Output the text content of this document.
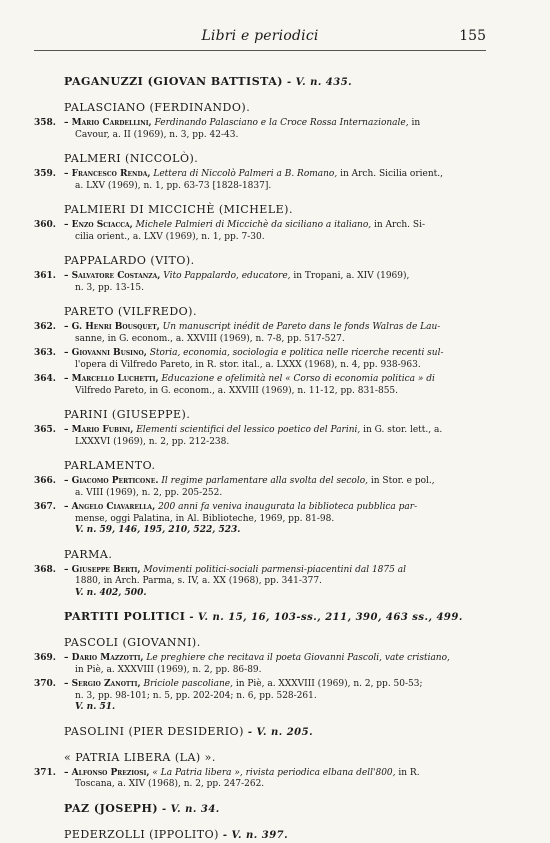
Libri e periodici	155
PAGANUZZI (GIOVAN BATTISTA) - V. n. 435.
PALASCIANO (FERDINANDO).
358. – Mario Cardellini, Ferdinando Palasciano e la Croce Rossa Internazionale, in
Cavour, a. II (1969), n. 3, pp. 42-43.
PALMERI (NICCOLÒ).
359. – Francesco Renda, Lettera di Niccolò Palmeri a B. Romano, in Arch. Sicilia orient.,
a. LXV (1969), n. 1, pp. 63-73 [1828-1837].
PALMIERI DI MICCICHÈ (MICHELE).
360. – Enzo Sciacca, Michele Palmieri di Miccichè da siciliano a italiano, in Arch. Si-
cilia orient., a. LXV (1969), n. 1, pp. 7-30.
PAPPALARDO (VITO).
361. – Salvatore Costanza, Vito Pappalardo, educatore, in Tropani, a. XIV (1969),
n. 3, pp. 13-15.
PARETO (VILFREDO).
362. – G. Henri Bousquet, Un manuscript inédit de Pareto dans le fonds Walras de Lau-
sanne, in G. econom., a. XXVIII (1969), n. 7-8, pp. 517-527.
363. – Giovanni Busino, Storia, economia, sociologia e politica nelle ricerche recenti sul-
l'opera di Vilfredo Pareto, in R. stor. ital., a. LXXX (1968), n. 4, pp. 938-963.
364. – Marcello Luchetti, Educazione e ofelimità nel « Corso di economia politica » di
Vilfredo Pareto, in G. econom., a. XXVIII (1969), n. 11-12, pp. 831-855.
PARINI (GIUSEPPE).
365. – Mario Fubini, Elementi scientifici del lessico poetico del Parini, in G. stor. lett., a.
LXXXVI (1969), n. 2, pp. 212-238.
PARLAMENTO.
366. – Giacomo Perticone. Il regime parlamentare alla svolta del secolo, in Stor. e pol.,
a. VIII (1969), n. 2, pp. 205-252.
367. – Angelo Ciavarella, 200 anni fa veniva inaugurata la biblioteca pubblica par-
mense, oggi Palatina, in Al. Biblioteche, 1969, pp. 81-98.
V. n. 59, 146, 195, 210, 522, 523.
PARMA.
368. – Giuseppe Berti, Movimenti politici-sociali parmensi-piacentini dal 1875 al
1880, in Arch. Parma, s. IV, a. XX (1968), pp. 341-377.
V. n. 402, 500.
PARTITI POLITICI - V. n. 15, 16, 103-ss., 211, 390, 463 ss., 499.
PASCOLI (GIOVANNI).
369. – Dario Mazzotti, Le preghiere che recitava il poeta Giovanni Pascoli, vate cristiano,
in Piè, a. XXXVIII (1969), n. 2, pp. 86-89.
370. – Sergio Zanotti, Briciole pascoliane, in Piè, a. XXXVIII (1969), n. 2, pp. 50-53;
n. 3, pp. 98-101; n. 5, pp. 202-204; n. 6, pp. 528-261.
V. n. 51.
PASOLINI (PIER DESIDERIO) - V. n. 205.
« PATRIA LIBERA (LA) ».
371. – Alfonso Preziosi, « La Patria libera », rivista periodica elbana dell'800, in R.
Toscana, a. XIV (1968), n. 2, pp. 247-262.
PAZ (JOSEPH) - V. n. 34.
PEDERZOLLI (IPPOLITO) - V. n. 397.
